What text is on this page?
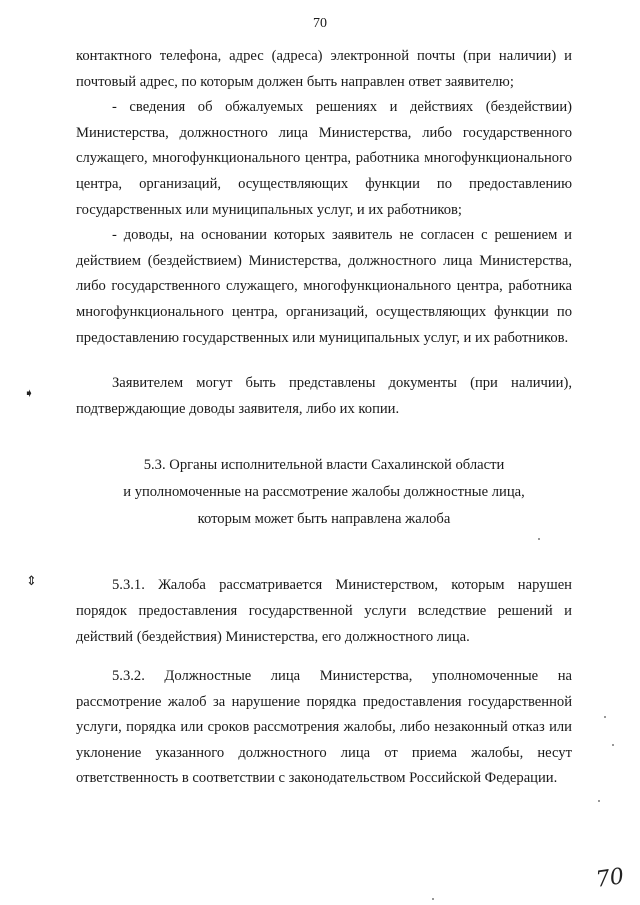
70

контактного телефона, адрес (адреса) электронной почты (при наличии) и почтовый адрес, по которым должен быть направлен ответ заявителю;

- сведения об обжалуемых решениях и действиях (бездействии) Министерства, должностного лица Министерства, либо государственного служащего, многофункционального центра, работника многофункционального центра, организаций, осуществляющих функции по предоставлению государственных или муниципальных услуг, и их работников;

- доводы, на основании которых заявитель не согласен с решением и действием (бездействием) Министерства, должностного лица Министерства, либо государственного служащего, многофункционального центра, работника многофункционального центра, организаций, осуществляющих функции по предоставлению государственных или муниципальных услуг, и их работников.

Заявителем могут быть представлены документы (при наличии), подтверждающие доводы заявителя, либо их копии.

5.3. Органы исполнительной власти Сахалинской области
и уполномоченные на рассмотрение жалобы должностные лица,
которым может быть направлена жалоба

5.3.1. Жалоба рассматривается Министерством, которым нарушен порядок предоставления государственной услуги вследствие решений и действий (бездействия) Министерства, его должностного лица.

5.3.2. Должностные лица Министерства, уполномоченные на рассмотрение жалоб за нарушение порядка предоставления государственной услуги, порядка или сроков рассмотрения жалобы, либо незаконный отказ или уклонение указанного должностного лица от приема жалобы, несут ответственность в соответствии с законодательством Российской Федерации.

➧
⇕
70
